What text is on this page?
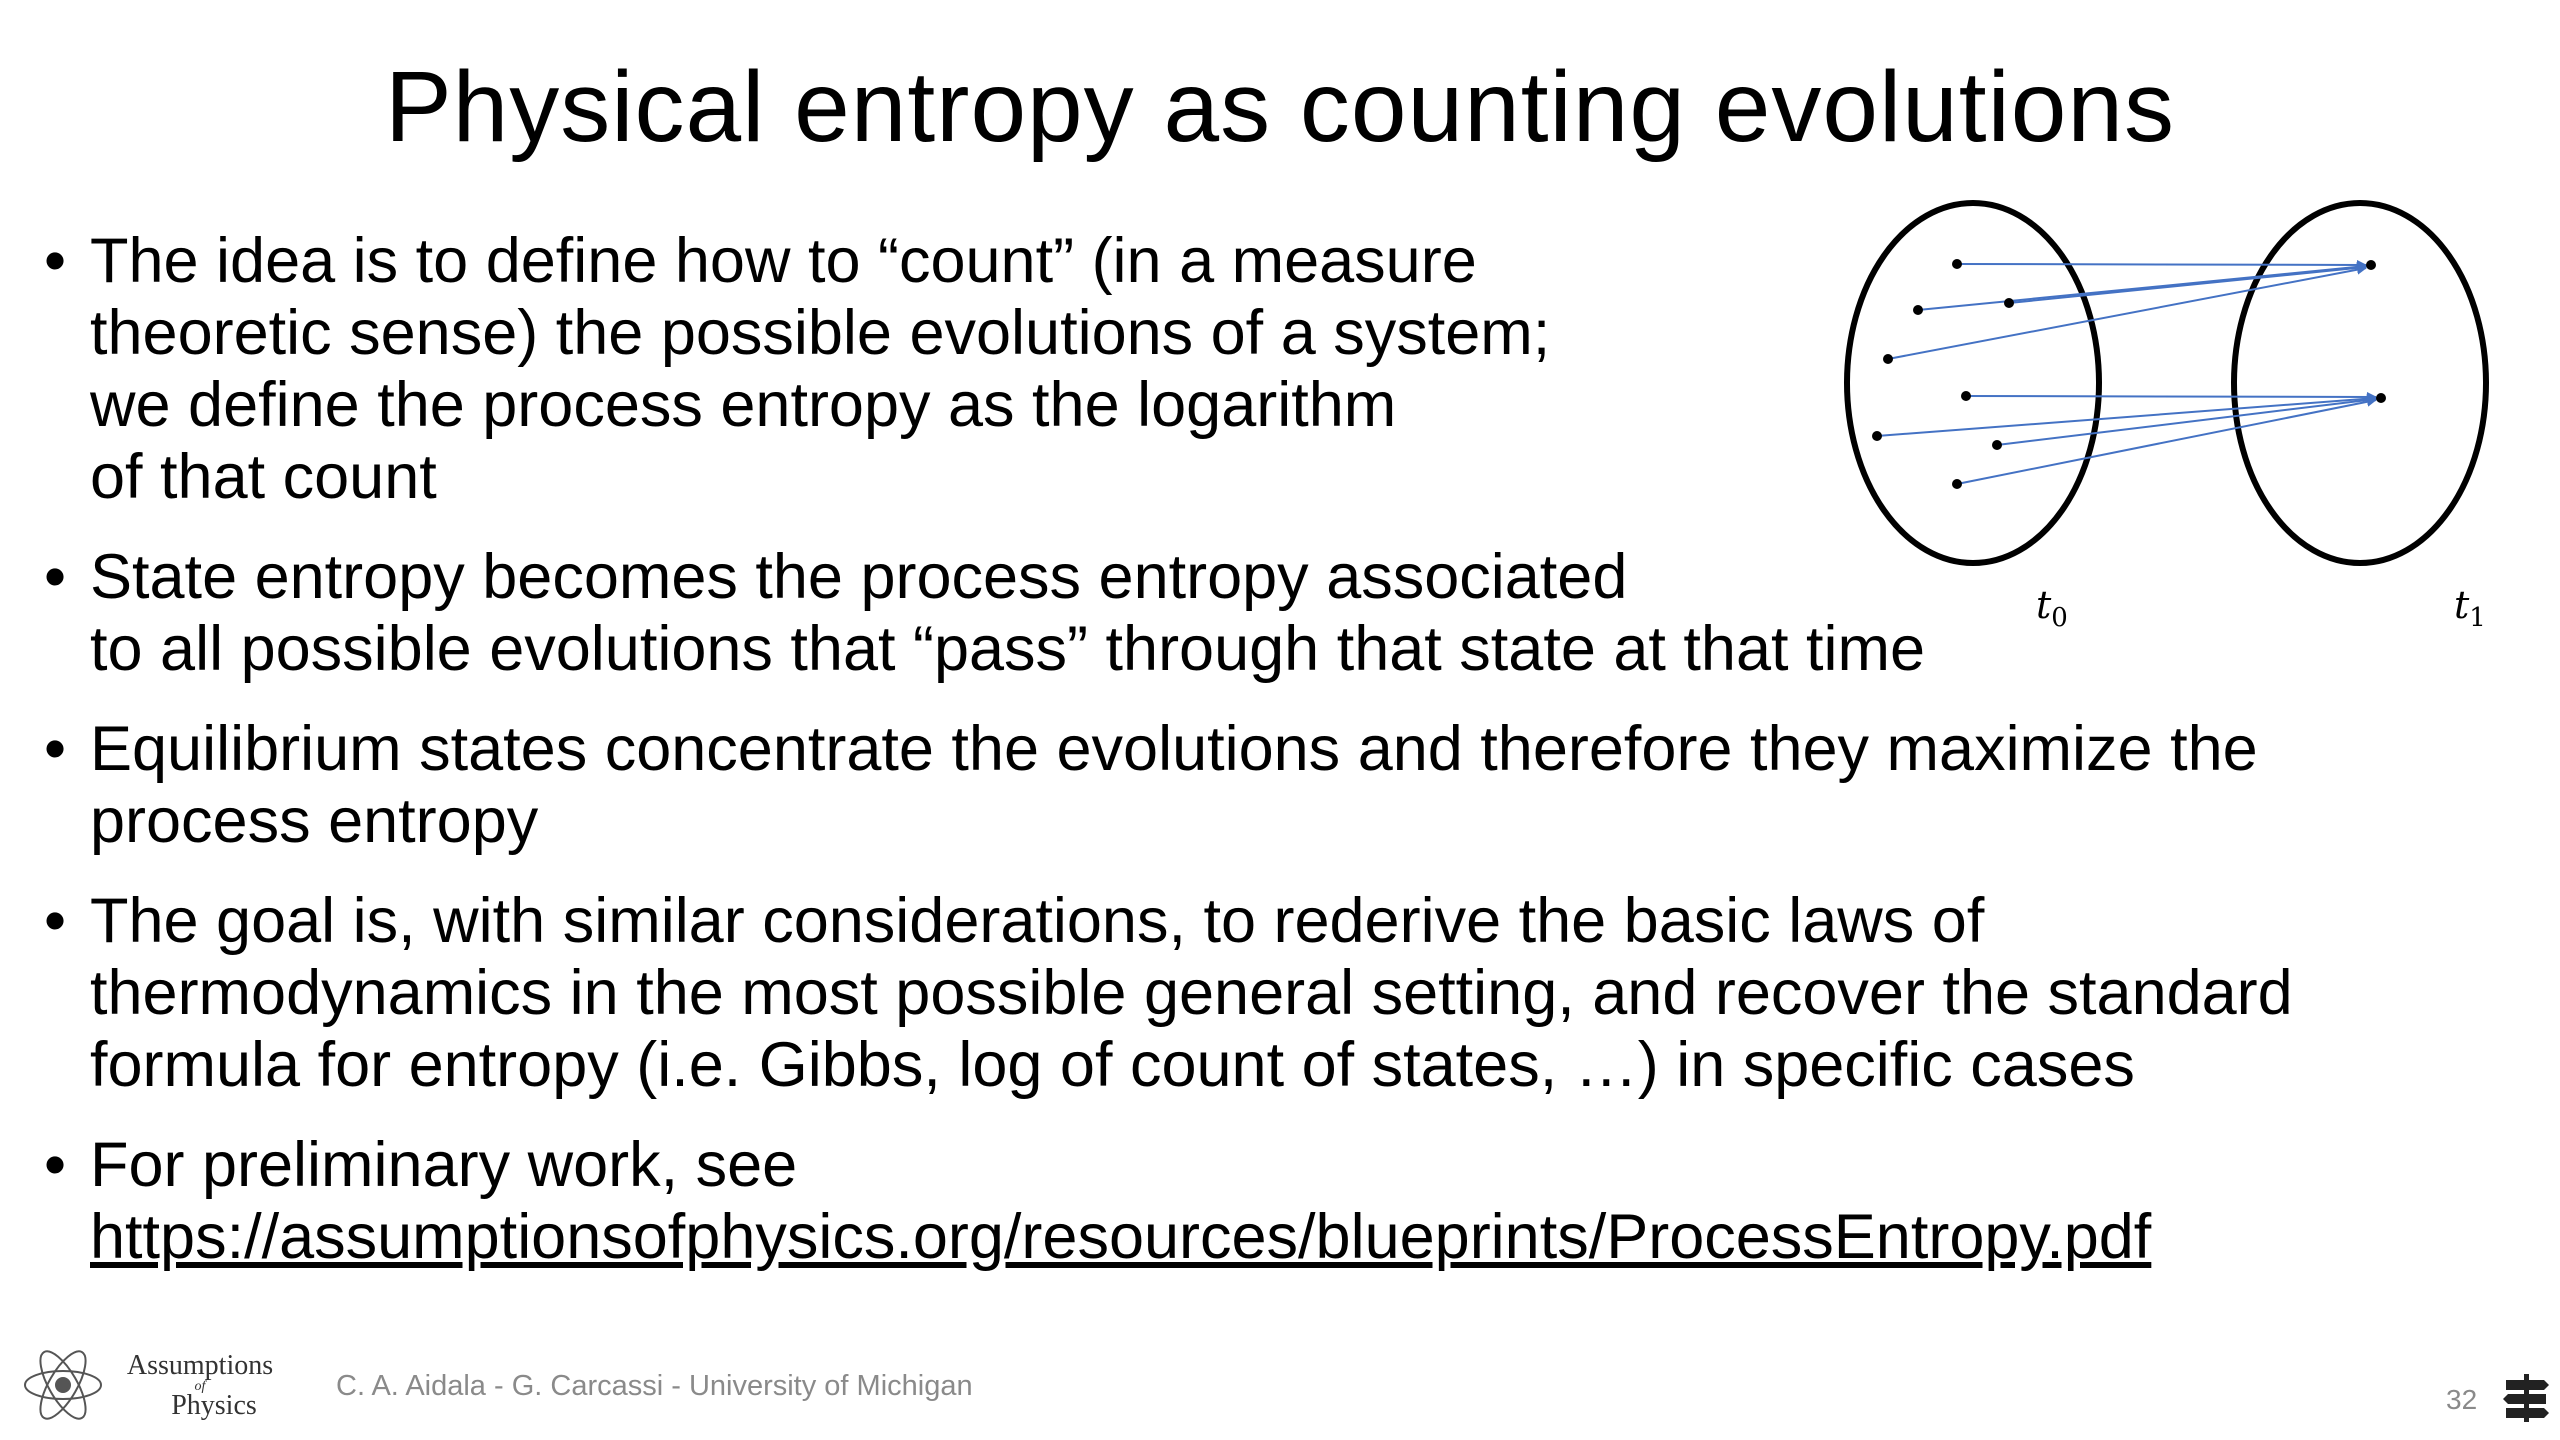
Physical entropy as counting evolutions
• The idea is to define how to “count” (in a measure
theoretic sense) the possible evolutions of a system;
we define the process entropy as the logarithm
of that count
• State entropy becomes the process entropy associated
to all possible evolutions that “pass” through that state at that time
• Equilibrium states concentrate the evolutions and therefore they maximize the
process entropy
• The goal is, with similar considerations, to rederive the basic laws of
thermodynamics in the most possible general setting, and recover the standard
formula for entropy (i.e. Gibbs, log of count of states, …) in specific cases
• For preliminary work, see
https://assumptionsofphysics.org/resources/blueprints/ProcessEntropy.pdf
$t_0$	$t_1$
Assumptions
of
Physics
C. A. Aidala - G. Carcassi - University of Michigan	32
